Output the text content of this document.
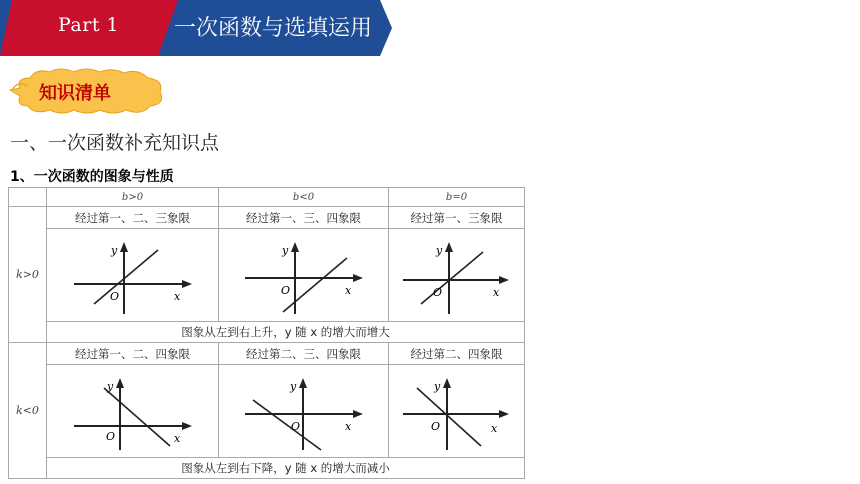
Part 1 一次函数与选填运用
知识清单
一、一次函数补充知识点
1、一次函数的图象与性质
	b>0	b<0	b=0
k>0	经过第一、二、三象限	经过第一、三、四象限	经过第一、三象限

y
O x	y
O x	y
O x

	图象从左到右上升，y 随 x 的增大而增大		
k<0	经过第一、二、四象限	经过第二、三、四象限	经过第二、四象限

y
O x	y
O x	y
O x

	图象从左到右下降，y 随 x 的增大而减小		
